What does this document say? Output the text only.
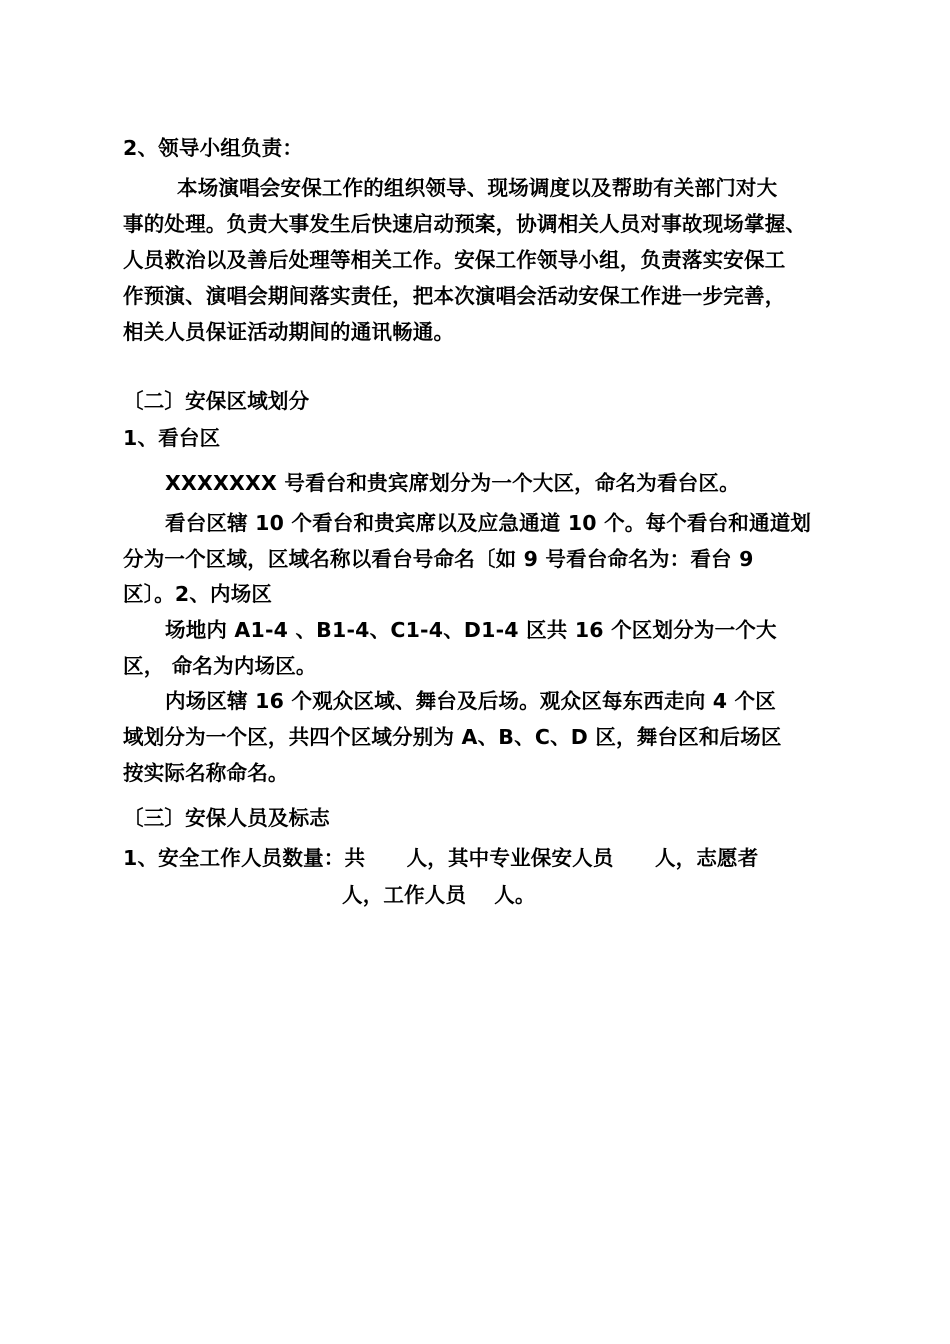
2、领导小组负责：
本场演唱会安保工作的组织领导、现场调度以及帮助有关部门对大
事的处理。负责大事发生后快速启动预案，协调相关人员对事故现场掌握、
人员救治以及善后处理等相关工作。安保工作领导小组，负责落实安保工
作预演、演唱会期间落实责任，把本次演唱会活动安保工作进一步完善，
相关人员保证活动期间的通讯畅通。
〔二〕安保区域划分
1、看台区
XXXXXXX 号看台和贵宾席划分为一个大区，命名为看台区。
看台区辖 10 个看台和贵宾席以及应急通道 10 个。每个看台和通道划
分为一个区域，区域名称以看台号命名〔如 9 号看台命名为：看台 9
区〕。2、内场区
场地内 A1-4 、B1-4、C1-4、D1-4 区共 16 个区划分为一个大
区， 命名为内场区。
内场区辖 16 个观众区域、舞台及后场。观众区每东西走向 4 个区
域划分为一个区，共四个区域分别为 A、B、C、D 区，舞台区和后场区
按实际名称命名。
〔三〕安保人员及标志
1、安全工作人员数量：共　　人，其中专业保安人员　　人，志愿者
人，工作人员　 人。
